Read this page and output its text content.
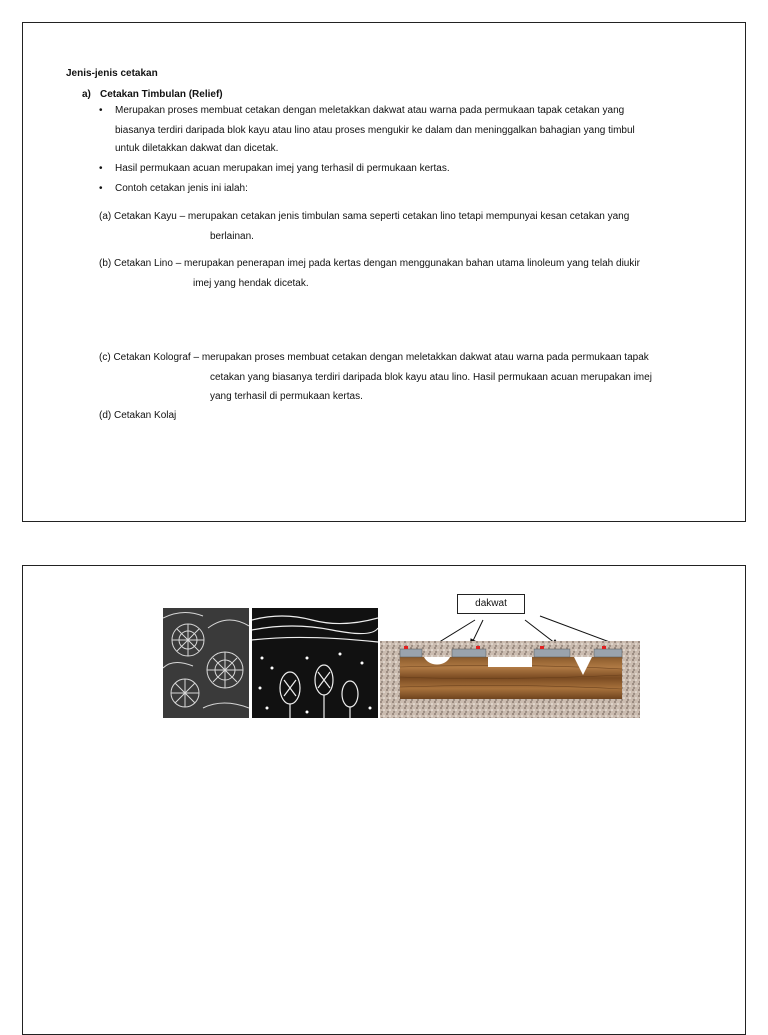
Jenis-jenis cetakan
a) Cetakan Timbulan (Relief)
• Merupakan proses membuat cetakan dengan meletakkan dakwat atau warna pada permukaan tapak cetakan yang
biasanya terdiri daripada blok kayu atau lino atau proses mengukir ke dalam dan meninggalkan bahagian yang timbul
untuk diletakkan dakwat dan dicetak.
• Hasil permukaan acuan merupakan imej yang terhasil di permukaan kertas.
• Contoh cetakan jenis ini ialah:
(a) Cetakan Kayu – merupakan cetakan jenis timbulan sama seperti cetakan lino tetapi mempunyai kesan cetakan yang
berlainan.
(b) Cetakan Lino – merupakan penerapan imej pada kertas dengan menggunakan bahan utama linoleum yang telah diukir
imej yang hendak dicetak.
(c) Cetakan Kolograf – merupakan proses membuat cetakan dengan meletakkan dakwat atau warna pada permukaan tapak
cetakan yang biasanya terdiri daripada blok kayu atau lino. Hasil permukaan acuan merupakan imej
yang terhasil di permukaan kertas.
(d) Cetakan Kolaj
dakwat
